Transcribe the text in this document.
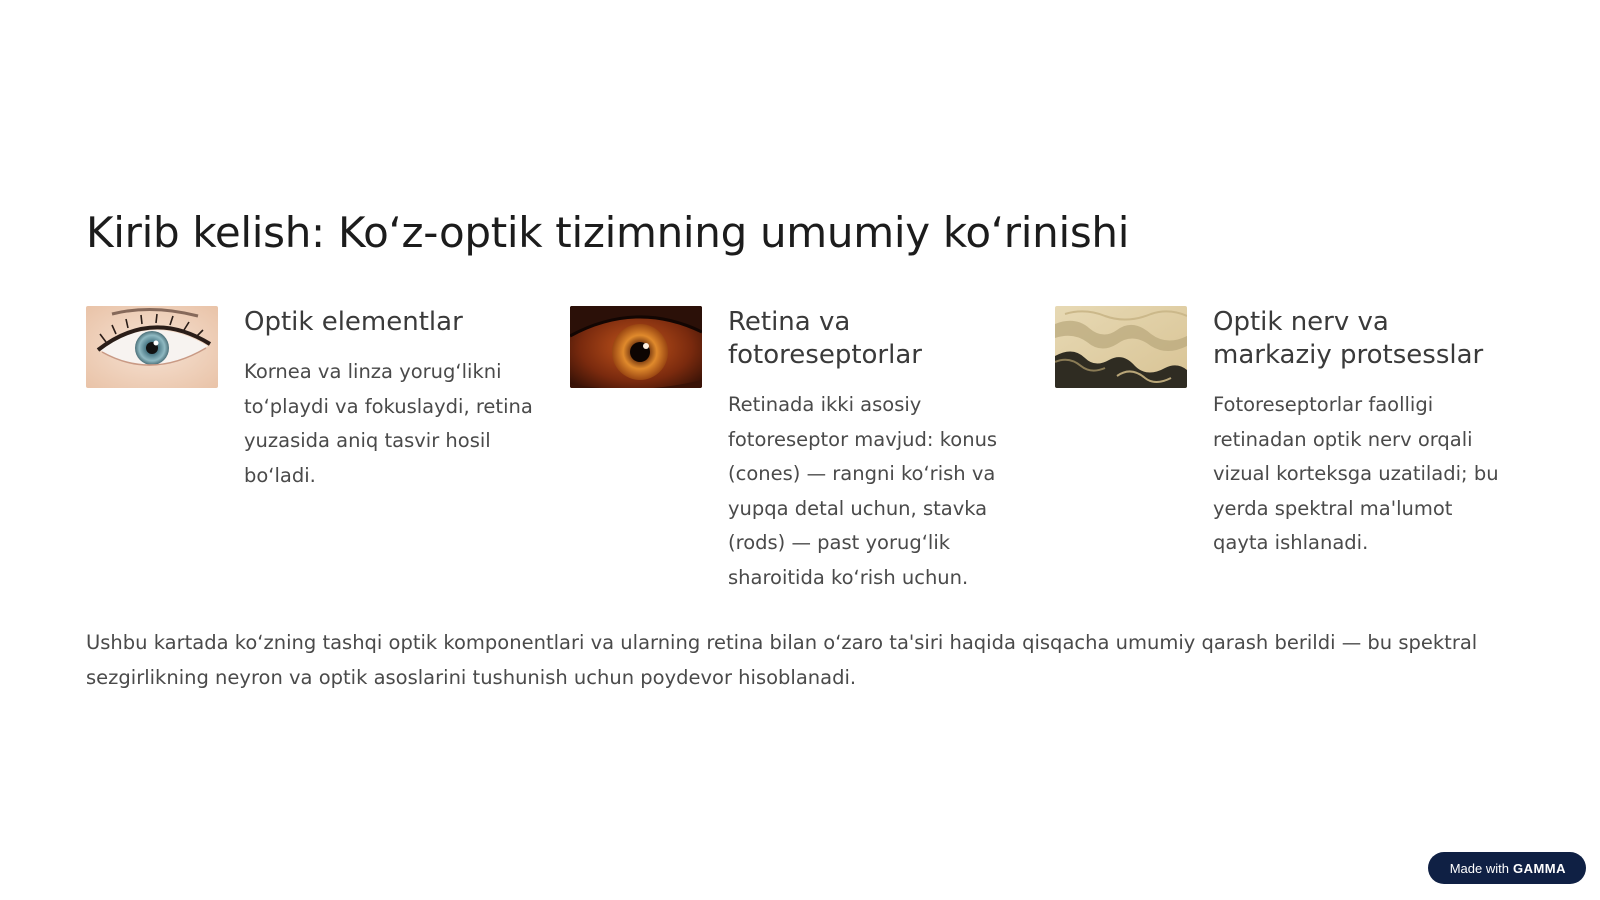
Kirib kelish: Koʻz-optik tizimning umumiy koʻrinishi
Optik elementlar

Kornea va linza yorugʻlikni toʻplaydi va fokuslaydi, retina yuzasida aniq tasvir hosil boʻladi.

Retina va fotoreseptorlar

Retinada ikki asosiy fotoreseptor mavjud: konus (cones) — rangni koʻrish va yupqa detal uchun, stavka (rods) — past yorugʻlik sharoitida koʻrish uchun.

Optik nerv va markaziy protsesslar

Fotoreseptorlar faolligi retinadan optik nerv orqali vizual korteksga uzatiladi; bu yerda spektral ma'lumot qayta ishlanadi.

Ushbu kartada koʻzning tashqi optik komponentlari va ularning retina bilan oʻzaro ta'siri haqida qisqacha umumiy qarash berildi — bu spektral sezgirlikning neyron va optik asoslarini tushunish uchun poydevor hisoblanadi.

Made with GAMMA
